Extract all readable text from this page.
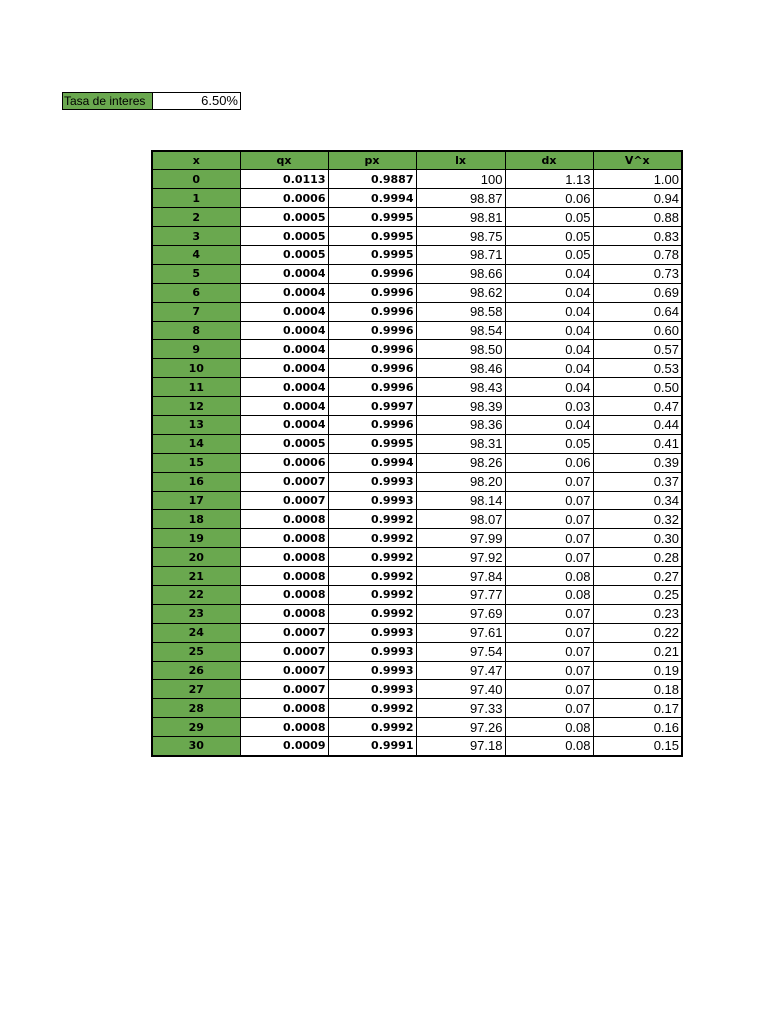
Tasa de interes	6.50%
x	qx	px	lx	dx	V^x
0	0.0113	0.9887	100	1.13	1.00
1	0.0006	0.9994	98.87	0.06	0.94
2	0.0005	0.9995	98.81	0.05	0.88
3	0.0005	0.9995	98.75	0.05	0.83
4	0.0005	0.9995	98.71	0.05	0.78
5	0.0004	0.9996	98.66	0.04	0.73
6	0.0004	0.9996	98.62	0.04	0.69
7	0.0004	0.9996	98.58	0.04	0.64
8	0.0004	0.9996	98.54	0.04	0.60
9	0.0004	0.9996	98.50	0.04	0.57
10	0.0004	0.9996	98.46	0.04	0.53
11	0.0004	0.9996	98.43	0.04	0.50
12	0.0004	0.9997	98.39	0.03	0.47
13	0.0004	0.9996	98.36	0.04	0.44
14	0.0005	0.9995	98.31	0.05	0.41
15	0.0006	0.9994	98.26	0.06	0.39
16	0.0007	0.9993	98.20	0.07	0.37
17	0.0007	0.9993	98.14	0.07	0.34
18	0.0008	0.9992	98.07	0.07	0.32
19	0.0008	0.9992	97.99	0.07	0.30
20	0.0008	0.9992	97.92	0.07	0.28
21	0.0008	0.9992	97.84	0.08	0.27
22	0.0008	0.9992	97.77	0.08	0.25
23	0.0008	0.9992	97.69	0.07	0.23
24	0.0007	0.9993	97.61	0.07	0.22
25	0.0007	0.9993	97.54	0.07	0.21
26	0.0007	0.9993	97.47	0.07	0.19
27	0.0007	0.9993	97.40	0.07	0.18
28	0.0008	0.9992	97.33	0.07	0.17
29	0.0008	0.9992	97.26	0.08	0.16
30	0.0009	0.9991	97.18	0.08	0.15
